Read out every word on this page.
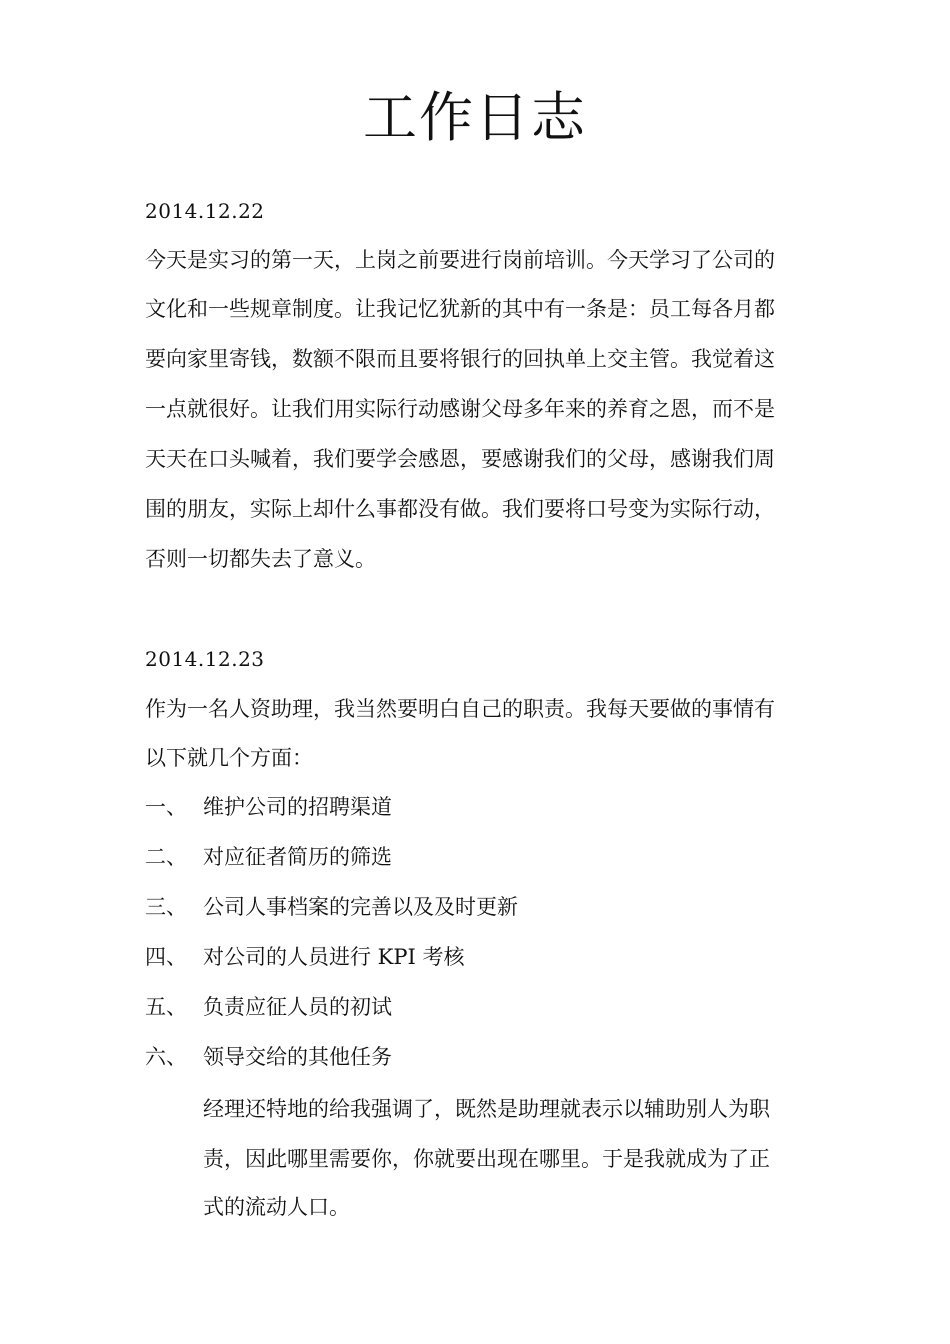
工作日志

2014.12.22

今天是实习的第一天，上岗之前要进行岗前培训。今天学习了公司的

文化和一些规章制度。让我记忆犹新的其中有一条是：员工每各月都

要向家里寄钱，数额不限而且要将银行的回执单上交主管。我觉着这

一点就很好。让我们用实际行动感谢父母多年来的养育之恩，而不是

天天在口头喊着，我们要学会感恩，要感谢我们的父母，感谢我们周

围的朋友，实际上却什么事都没有做。我们要将口号变为实际行动，

否则一切都失去了意义。

2014.12.23

作为一名人资助理，我当然要明白自己的职责。我每天要做的事情有

以下就几个方面：

一、 维护公司的招聘渠道
二、 对应征者简历的筛选
三、 公司人事档案的完善以及及时更新
四、 对公司的人员进行 KPI 考核
五、 负责应征人员的初试
六、 领导交给的其他任务

经理还特地的给我强调了，既然是助理就表示以辅助别人为职

责，因此哪里需要你，你就要出现在哪里。于是我就成为了正

式的流动人口。
